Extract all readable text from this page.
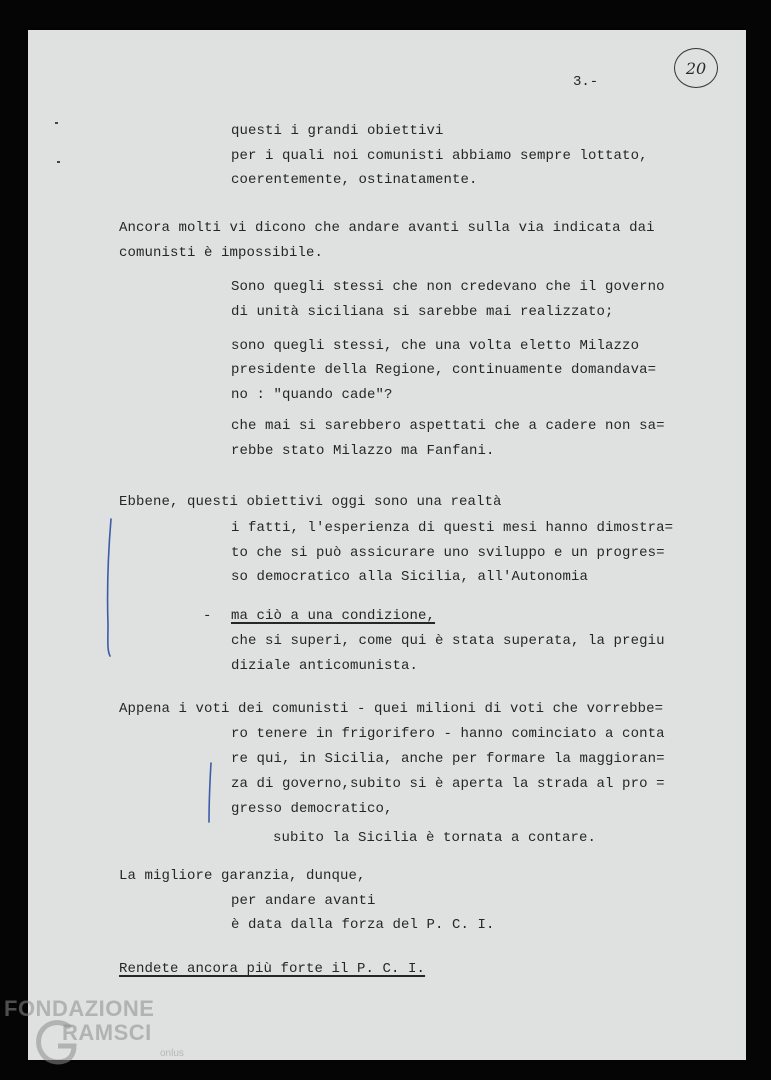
3.-
20
questi i grandi obiettivi
per i quali noi comunisti abbiamo sempre lottato,
coerentemente, ostinatamente.
Ancora molti vi dicono che andare avanti sulla via indicata dai
comunisti è impossibile.
Sono quegli stessi che non credevano che il governo
di unità siciliana si sarebbe mai realizzato;
sono quegli stessi, che una volta eletto Milazzo
presidente della Regione, continuamente domandava=
no : "quando cade"?
che mai si sarebbero aspettati che a cadere non sa=
rebbe stato Milazzo ma Fanfani.
Ebbene, questi obiettivi oggi sono una realtà
i fatti, l'esperienza di questi mesi hanno dimostra=
to che si può assicurare uno sviluppo e un progres=
so democratico alla Sicilia, all'Autonomia
- ma ciò a una condizione,
che si superi, come qui è stata superata, la pregiu
diziale anticomunista.
Appena i voti dei comunisti - quei milioni di voti che vorrebbe=
ro tenere in frigorifero - hanno cominciato a conta
re qui, in Sicilia, anche per formare la maggioran=
za di governo,subito si è aperta la strada al pro =
gresso democratico,
subito la Sicilia è tornata a contare.
La migliore garanzia, dunque,
per andare avanti
è data dalla forza del P. C. I.
Rendete ancora più forte il P. C. I.
FONDAZIONE
RAMSCI
onlus
